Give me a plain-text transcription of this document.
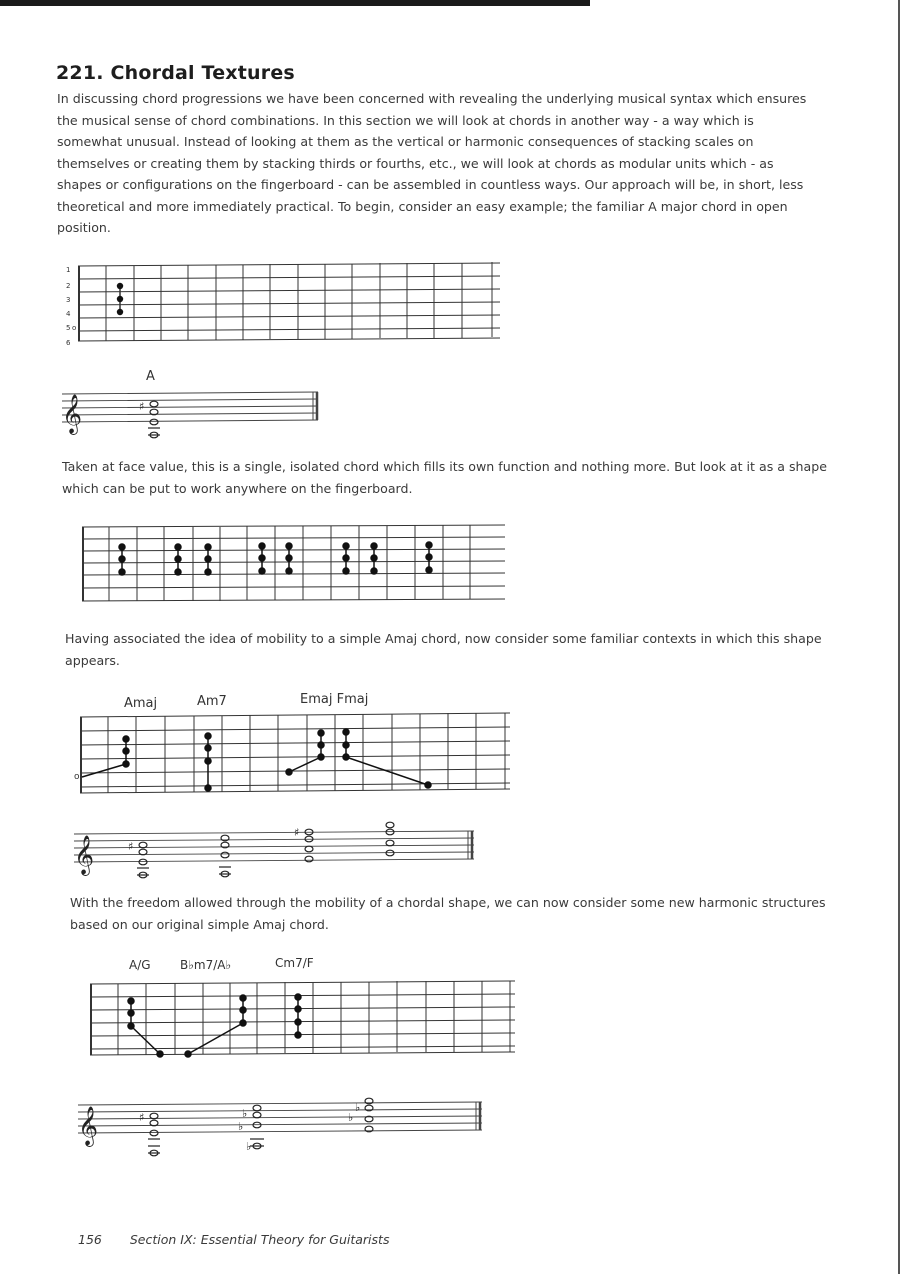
221. Chordal Textures
In discussing chord progressions we have been concerned with revealing the underlying musical syntax which ensures the musical sense of chord combinations. In this section we will look at chords in another way - a way which is somewhat unusual. Instead of looking at them as the vertical or harmonic consequences of stacking scales on themselves or creating them by stacking thirds or fourths, etc., we will look at chords as modular units which - as shapes or configurations on the fingerboard - can be assembled in countless ways. Our approach will be, in short, less theoretical and more immediately practical. To begin, consider an easy example; the familiar A major chord in open position.
Taken at face value, this is a single, isolated chord which fills its own function and nothing more. But look at it as a shape which can be put to work anywhere on the fingerboard.
Having associated the idea of mobility to a simple Amaj chord, now consider some familiar contexts in which this shape appears.
With the freedom allowed through the mobility of a chordal shape, we can now consider some new harmonic structures based on our original simple Amaj chord.
1
2
3
4
5
6
o
𝄞
A
♯
Amaj	Am7	Emaj Fmaj
o
𝄞	♯
♯
A/G B♭m7/A♭	Cm7/F
𝄞	♯	♭
♭
♭
♭
♭
156 Section IX: Essential Theory for Guitarists
